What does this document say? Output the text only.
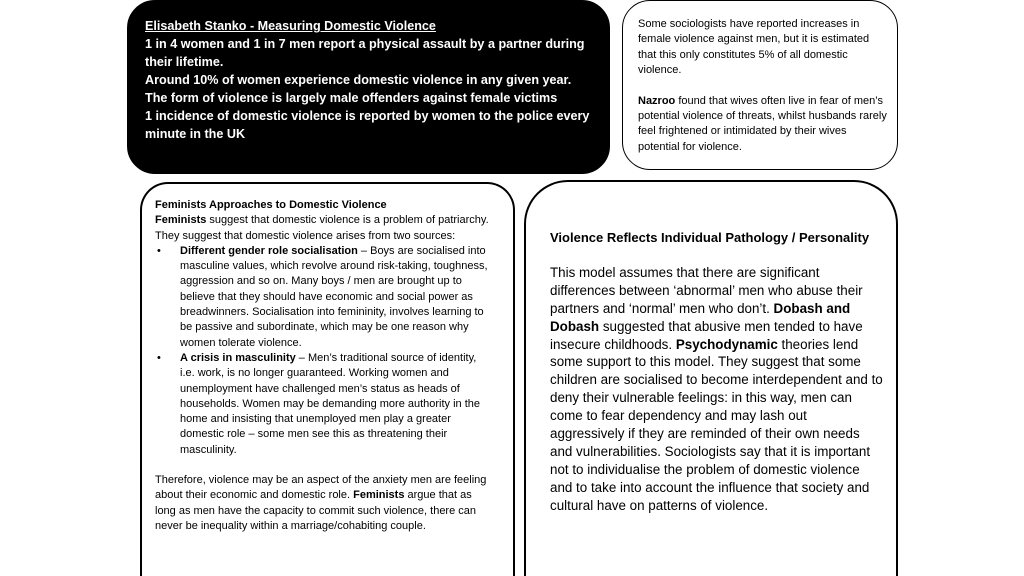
Elisabeth Stanko - Measuring Domestic Violence
1 in 4 women and 1 in 7 men report a physical assault by a partner during their lifetime.
Around 10% of women experience domestic violence in any given year.
The form of violence is largely male offenders against female victims
1 incidence of domestic violence is reported by women to the police every minute in the UK

Some sociologists have reported increases in female violence against men, but it is estimated that this only constitutes 5% of all domestic violence.

Nazroo found that wives often live in fear of men’s potential violence of threats, whilst husbands rarely feel frightened or intimidated by their wives potential for violence.

Feminists Approaches to Domestic Violence

Feminists suggest that domestic violence is a problem of patriarchy. They suggest that domestic violence arises from two sources:

• Different gender role socialisation – Boys are socialised into masculine values, which revolve around risk-taking, toughness, aggression and so on. Many boys / men are brought up to believe that they should have economic and social power as breadwinners. Socialisation into femininity, involves learning to be passive and subordinate, which may be one reason why women tolerate violence.
• A crisis in masculinity – Men’s traditional source of identity, i.e. work, is no longer guaranteed. Working women and unemployment have challenged men’s status as heads of households. Women may be demanding more authority in the home and insisting that unemployed men play a greater domestic role – some men see this as threatening their masculinity.

Therefore, violence may be an aspect of the anxiety men are feeling about their economic and domestic role. Feminists argue that as long as men have the capacity to commit such violence, there can never be inequality within a marriage/cohabiting couple.

Violence Reflects Individual Pathology / Personality

This model assumes that there are significant differences between ‘abnormal’ men who abuse their partners and ‘normal’ men who don’t. Dobash and Dobash suggested that abusive men tended to have insecure childhoods. Psychodynamic theories lend some support to this model. They suggest that some children are socialised to become interdependent and to deny their vulnerable feelings: in this way, men can come to fear dependency and may lash out aggressively if they are reminded of their own needs and vulnerabilities. Sociologists say that it is important not to individualise the problem of domestic violence and to take into account the influence that society and cultural have on patterns of violence.
